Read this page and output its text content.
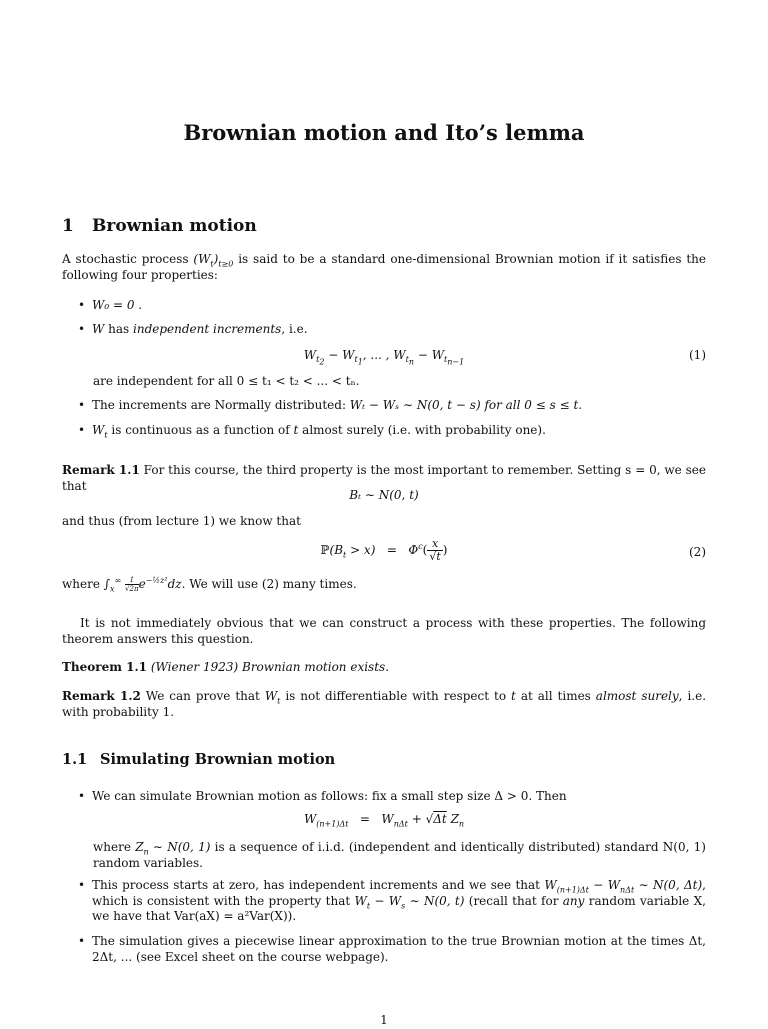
Brownian motion and Ito’s lemma
1 Brownian motion
A stochastic process $(W_t)_{t\ge 0}$ is said to be a standard one-dimensional Brownian motion if it satisfies the following four properties:
• W₀ = 0 .
• W has independent increments, i.e.
$W_{t_2} - W_{t_1}$, ... , $W_{t_n} - W_{t_{n-1}}$
(1)
are independent for all 0 ≤ t₁ < t₂ < ... < tₙ.
• The increments are Normally distributed: Wₜ − Wₛ ∼ N(0, t − s) for all 0 ≤ s ≤ t.
• $W_t$ is continuous as a function of t almost surely (i.e. with probability one).
Remark 1.1 For this course, the third property is the most important to remember. Setting s = 0, we see that
Bₜ ∼ N(0, t)
and thus (from lecture 1) we know that
$ℙ(B_t > x) = \Phi^c( \frac{x}{√t}$ )	(2)
where $\int_x^\infty \frac{1}{√2\pi}e^{-\frac{1}{2}z^2}dz$. We will use (2) many times.
It is not immediately obvious that we can construct a process with these properties. The following theorem answers this question.
Theorem 1.1 (Wiener 1923) Brownian motion exists.
Remark 1.2 We can prove that $W_t$ is not differentiable with respect to t at all times almost surely, i.e. with probability 1.
1.1 Simulating Brownian motion
• We can simulate Brownian motion as follows: fix a small step size Δ > 0. Then
$W_{(n+1)\Delta t} = W_{n\Delta t} + √\Delta t$ $Z_n$
where $Z_n$ ∼ N(0, 1) is a sequence of i.i.d. (independent and identically distributed) standard N(0, 1) random variables.
• This process starts at zero, has independent increments and we see that $W_{(n+1)\Delta t} - W_{n\Delta t}$ ∼ N(0, Δt), which is consistent with the property that $W_t - W_s$ ∼ N(0, t) (recall that for any random variable X, we have that Var(aX) = a²Var(X)).
• The simulation gives a piecewise linear approximation to the true Brownian motion at the times Δt, 2Δt, ... (see Excel sheet on the course webpage).
1
